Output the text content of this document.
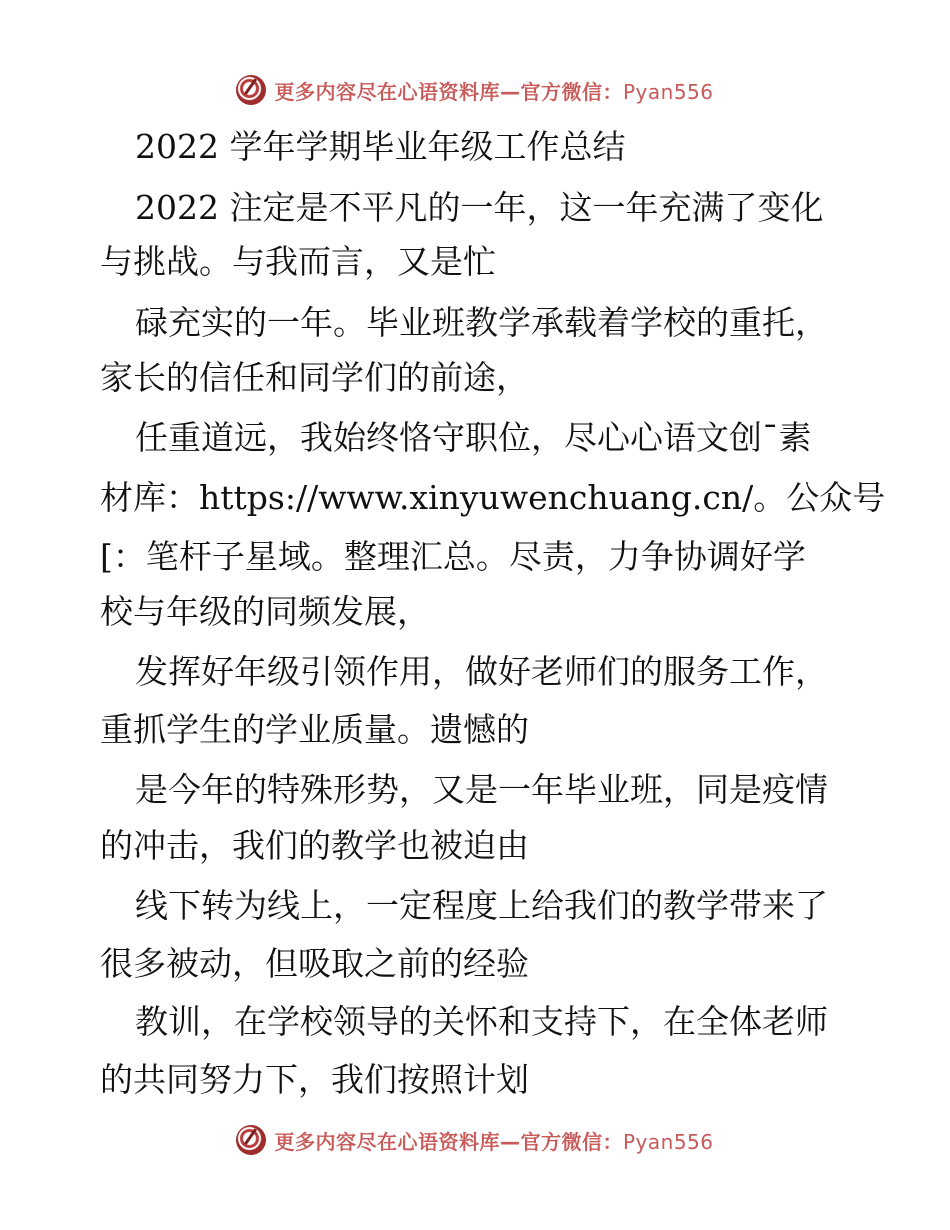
更多内容尽在心语资料库—官方微信：Pyan556
2022 学年学期毕业年级工作总结
2022 注定是不平凡的一年，这一年充满了变化
与挑战。与我而言，又是忙
碌充实的一年。毕业班教学承载着学校的重托，
家长的信任和同学们的前途，
任重道远，我始终恪守职位，尽心心语文创¯素
材库：https://www.xinyuwenchuang.cn/。公众号
[：笔杆子星域。整理汇总。尽责，力争协调好学
校与年级的同频发展，
发挥好年级引领作用，做好老师们的服务工作，
重抓学生的学业质量。遗憾的
是今年的特殊形势，又是一年毕业班，同是疫情
的冲击，我们的教学也被迫由
线下转为线上，一定程度上给我们的教学带来了
很多被动，但吸取之前的经验
教训，在学校领导的关怀和支持下，在全体老师
的共同努力下，我们按照计划
更多内容尽在心语资料库—官方微信：Pyan556
